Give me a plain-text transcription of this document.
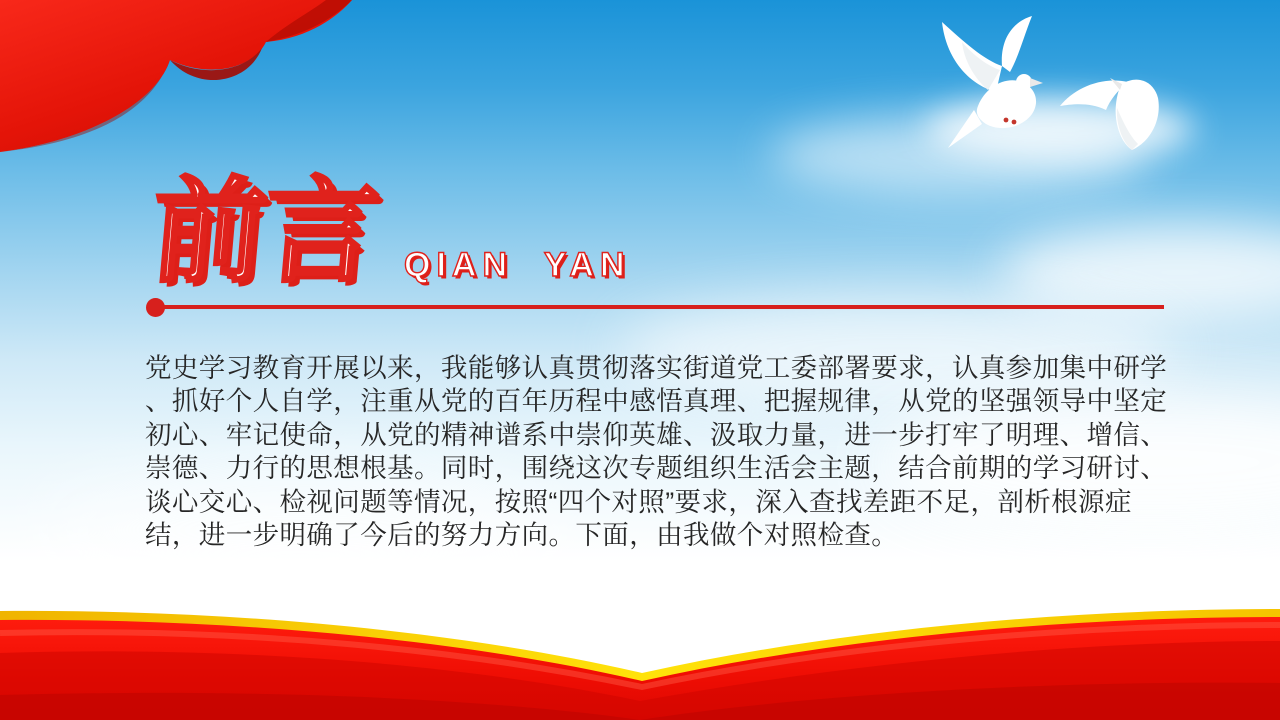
前言 QIAN YAN
党史学习教育开展以来，我能够认真贯彻落实街道党工委部署要求，认真参加集中研学
、抓好个人自学，注重从党的百年历程中感悟真理、把握规律，从党的坚强领导中坚定
初心、牢记使命，从党的精神谱系中崇仰英雄、汲取力量，进一步打牢了明理、增信、
崇德、力行的思想根基。同时，围绕这次专题组织生活会主题，结合前期的学习研讨、
谈心交心、检视问题等情况，按照“四个对照”要求，深入查找差距不足，剖析根源症
结，进一步明确了今后的努力方向。下面，由我做个对照检查。
